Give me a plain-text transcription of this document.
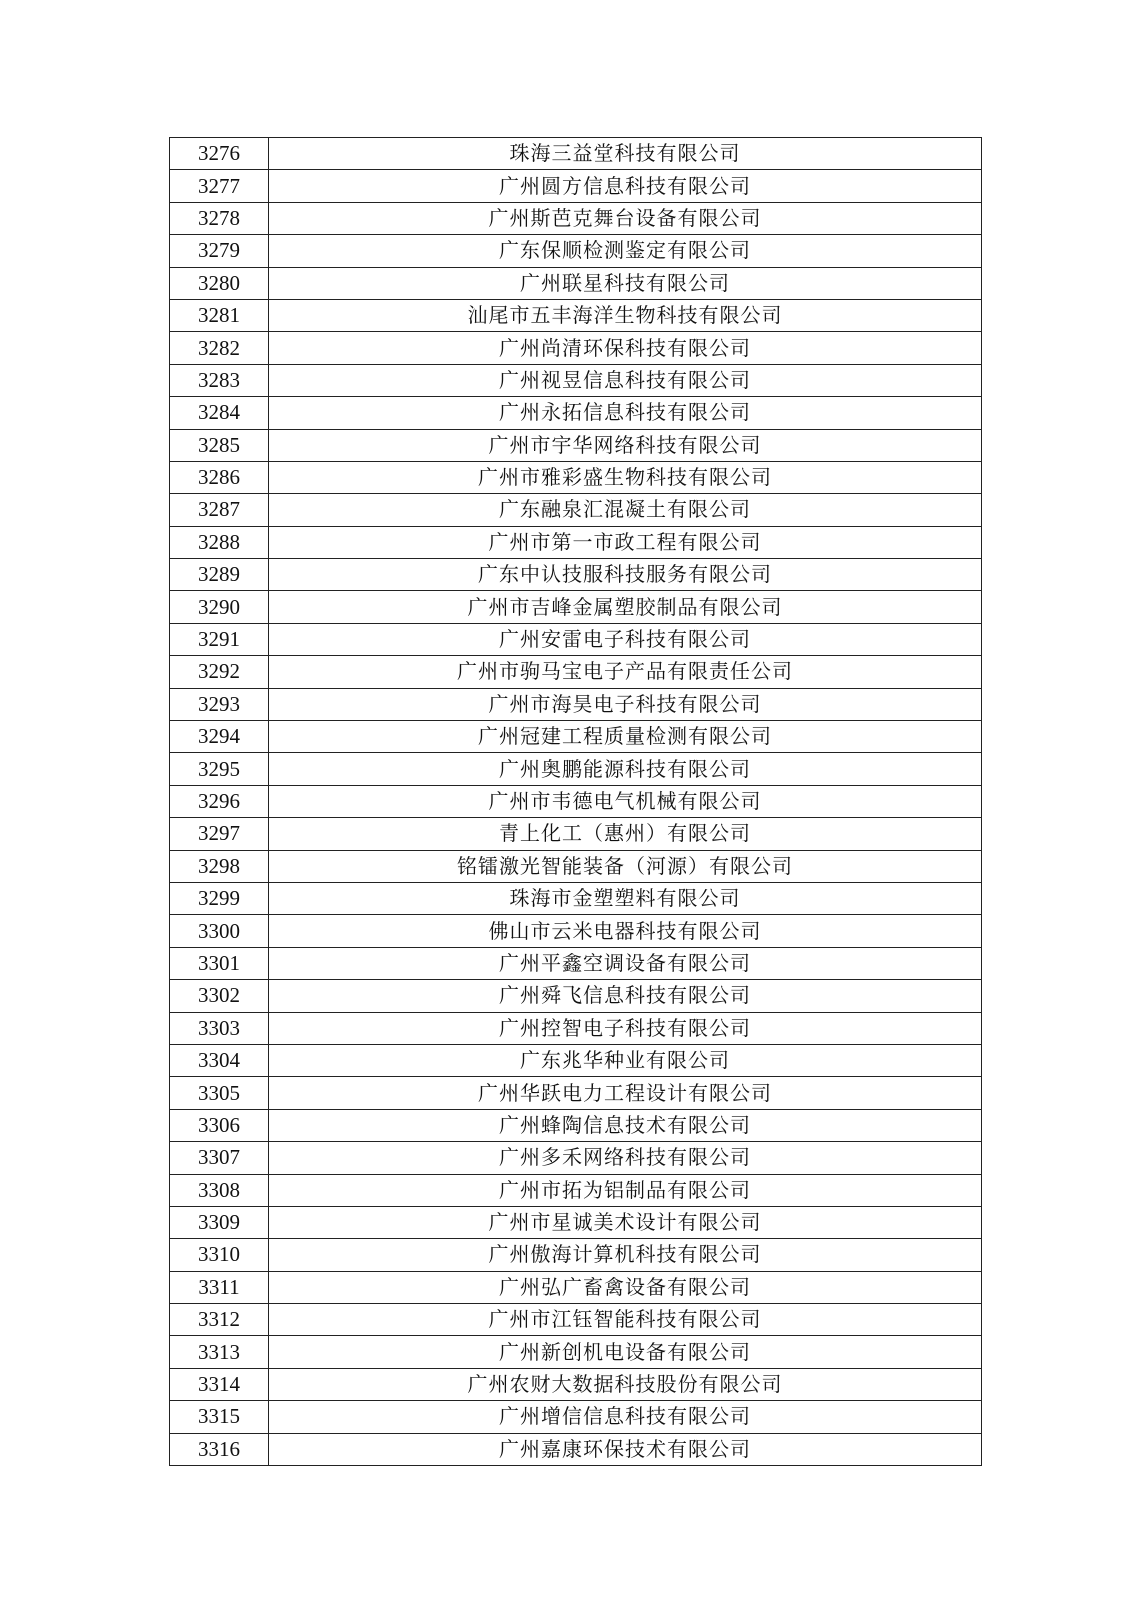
3276	珠海三益堂科技有限公司
3277	广州圆方信息科技有限公司
3278	广州斯芭克舞台设备有限公司
3279	广东保顺检测鉴定有限公司
3280	广州联星科技有限公司
3281	汕尾市五丰海洋生物科技有限公司
3282	广州尚清环保科技有限公司
3283	广州视昱信息科技有限公司
3284	广州永拓信息科技有限公司
3285	广州市宇华网络科技有限公司
3286	广州市雅彩盛生物科技有限公司
3287	广东融泉汇混凝土有限公司
3288	广州市第一市政工程有限公司
3289	广东中认技服科技服务有限公司
3290	广州市吉峰金属塑胶制品有限公司
3291	广州安雷电子科技有限公司
3292	广州市驹马宝电子产品有限责任公司
3293	广州市海昊电子科技有限公司
3294	广州冠建工程质量检测有限公司
3295	广州奥鹏能源科技有限公司
3296	广州市韦德电气机械有限公司
3297	青上化工（惠州）有限公司
3298	铭镭激光智能装备（河源）有限公司
3299	珠海市金塑塑料有限公司
3300	佛山市云米电器科技有限公司
3301	广州平鑫空调设备有限公司
3302	广州舜飞信息科技有限公司
3303	广州控智电子科技有限公司
3304	广东兆华种业有限公司
3305	广州华跃电力工程设计有限公司
3306	广州蜂陶信息技术有限公司
3307	广州多禾网络科技有限公司
3308	广州市拓为铝制品有限公司
3309	广州市星诚美术设计有限公司
3310	广州傲海计算机科技有限公司
3311	广州弘广畜禽设备有限公司
3312	广州市江钰智能科技有限公司
3313	广州新创机电设备有限公司
3314	广州农财大数据科技股份有限公司
3315	广州增信信息科技有限公司
3316	广州嘉康环保技术有限公司
